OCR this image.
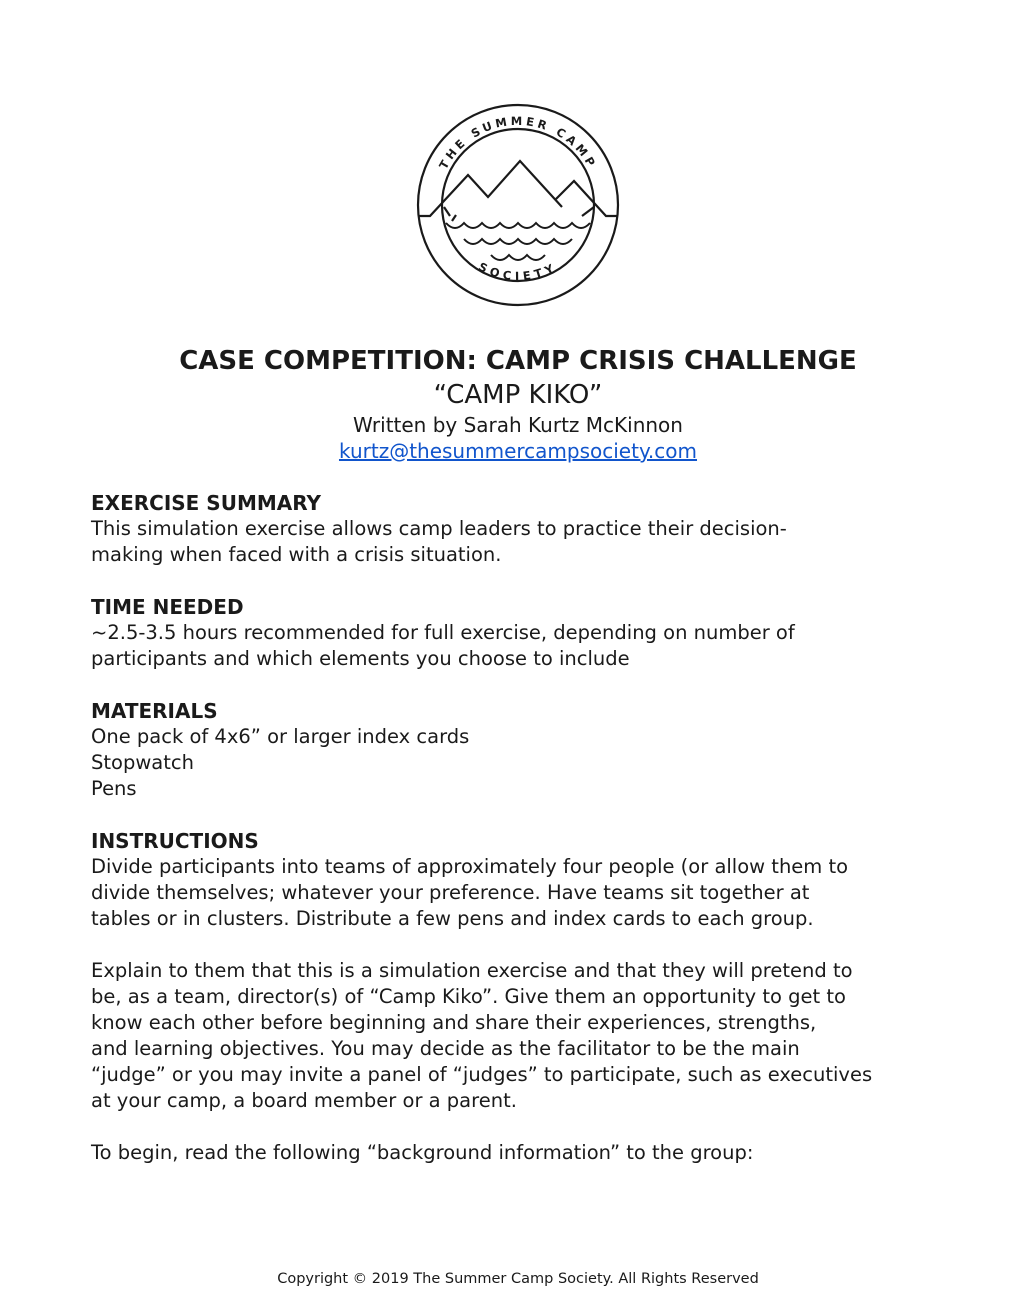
THE SUMMER CAMP
SOCIETY
CASE COMPETITION: CAMP CRISIS CHALLENGE
“CAMP KIKO”
Written by Sarah Kurtz McKinnon
kurtz@thesummercampsociety.com
EXERCISE SUMMARY
This simulation exercise allows camp leaders to practice their decision-
making when faced with a crisis situation.
TIME NEEDED
~2.5-3.5 hours recommended for full exercise, depending on number of
participants and which elements you choose to include
MATERIALS
One pack of 4x6” or larger index cards
Stopwatch
Pens
INSTRUCTIONS
Divide participants into teams of approximately four people (or allow them to
divide themselves; whatever your preference. Have teams sit together at
tables or in clusters. Distribute a few pens and index cards to each group.
Explain to them that this is a simulation exercise and that they will pretend to
be, as a team, director(s) of “Camp Kiko”. Give them an opportunity to get to
know each other before beginning and share their experiences, strengths,
and learning objectives. You may decide as the facilitator to be the main
“judge” or you may invite a panel of “judges” to participate, such as executives
at your camp, a board member or a parent.
To begin, read the following “background information” to the group:
Copyright © 2019 The Summer Camp Society. All Rights Reserved
